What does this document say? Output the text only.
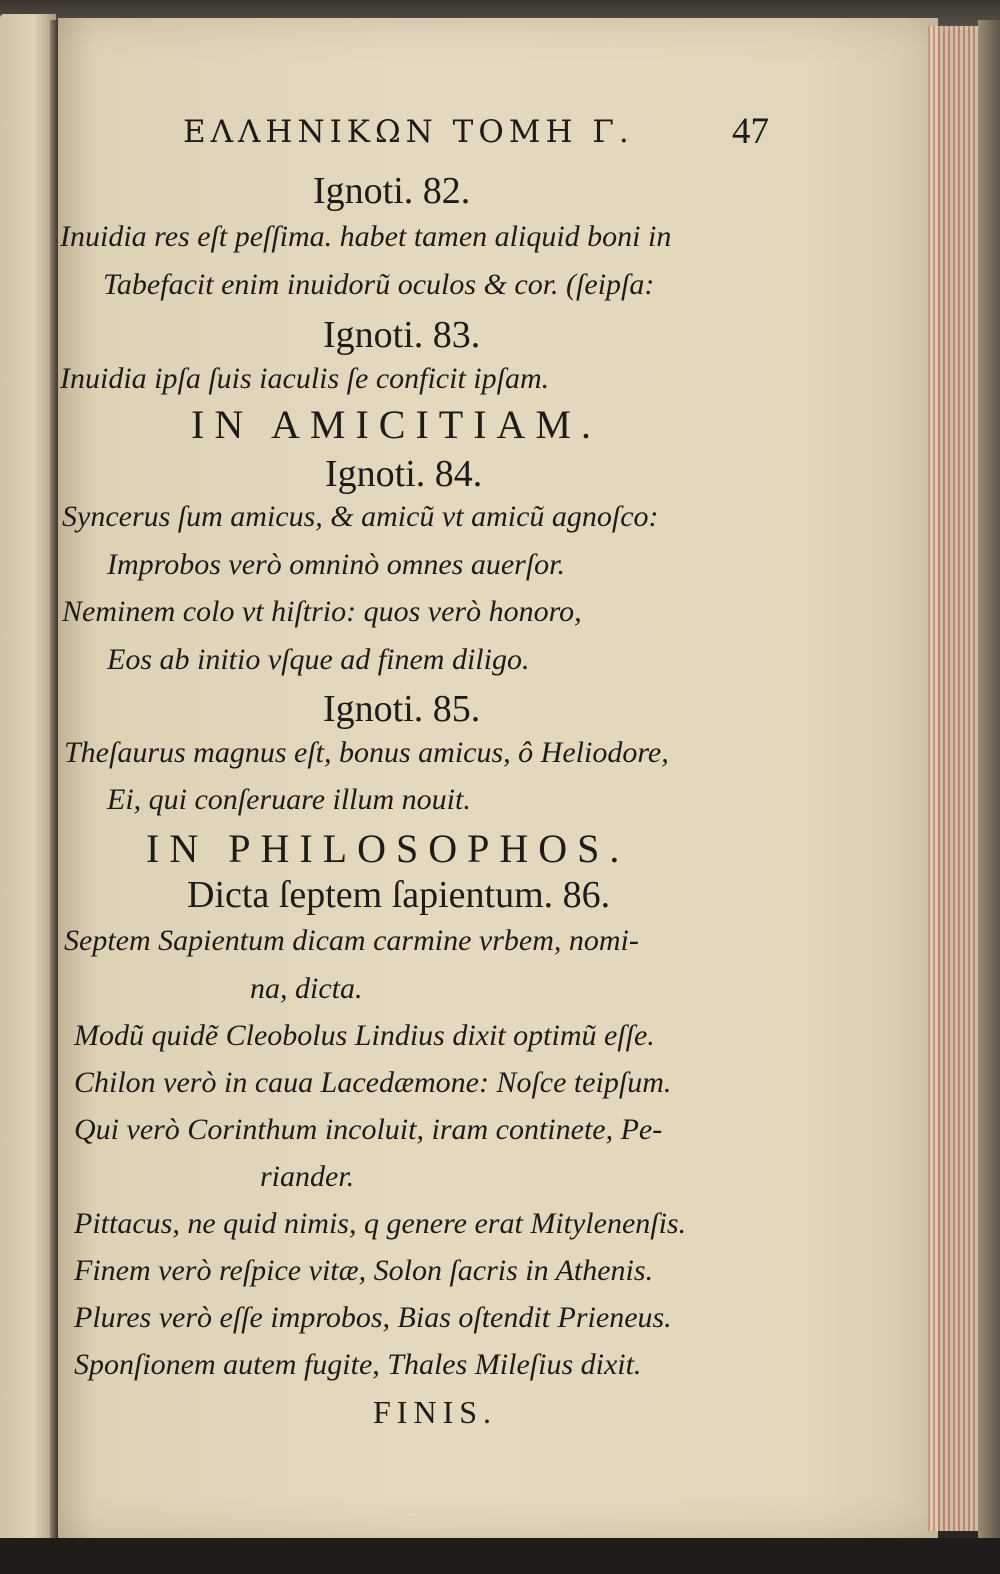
ΕΛΛΗΝΙΚΩΝ ΤΟΜΗ Γ.	47
Ignoti. 82.
Inuidia res eſt peſſima. habet tamen aliquid boni in
Tabefacit enim inuidorũ oculos & cor. (ſeipſa:
Ignoti. 83.
Inuidia ipſa ſuis iaculis ſe conficit ipſam.
IN AMICITIAM.
Ignoti. 84.
Syncerus ſum amicus, & amicũ vt amicũ agnoſco:
Improbos verò omninò omnes auerſor.
Neminem colo vt hiſtrio: quos verò honoro,
Eos ab initio vſque ad finem diligo.
Ignoti. 85.
Theſaurus magnus eſt, bonus amicus, ô Heliodore,
Ei, qui conſeruare illum nouit.
IN PHILOSOPHOS.
Dicta ſeptem ſapientum. 86.
Septem Sapientum dicam carmine vrbem, nomi-
na, dicta.
Modũ quidẽ Cleobolus Lindius dixit optimũ eſſe.
Chilon verò in caua Lacedæmone: Noſce teipſum.
Qui verò Corinthum incoluit, iram continete, Pe-
riander.
Pittacus, ne quid nimis, q genere erat Mitylenenſis.
Finem verò reſpice vitæ, Solon ſacris in Athenis.
Plures verò eſſe improbos, Bias oſtendit Prieneus.
Sponſionem autem fugite, Thales Mileſius dixit.
FINIS.
